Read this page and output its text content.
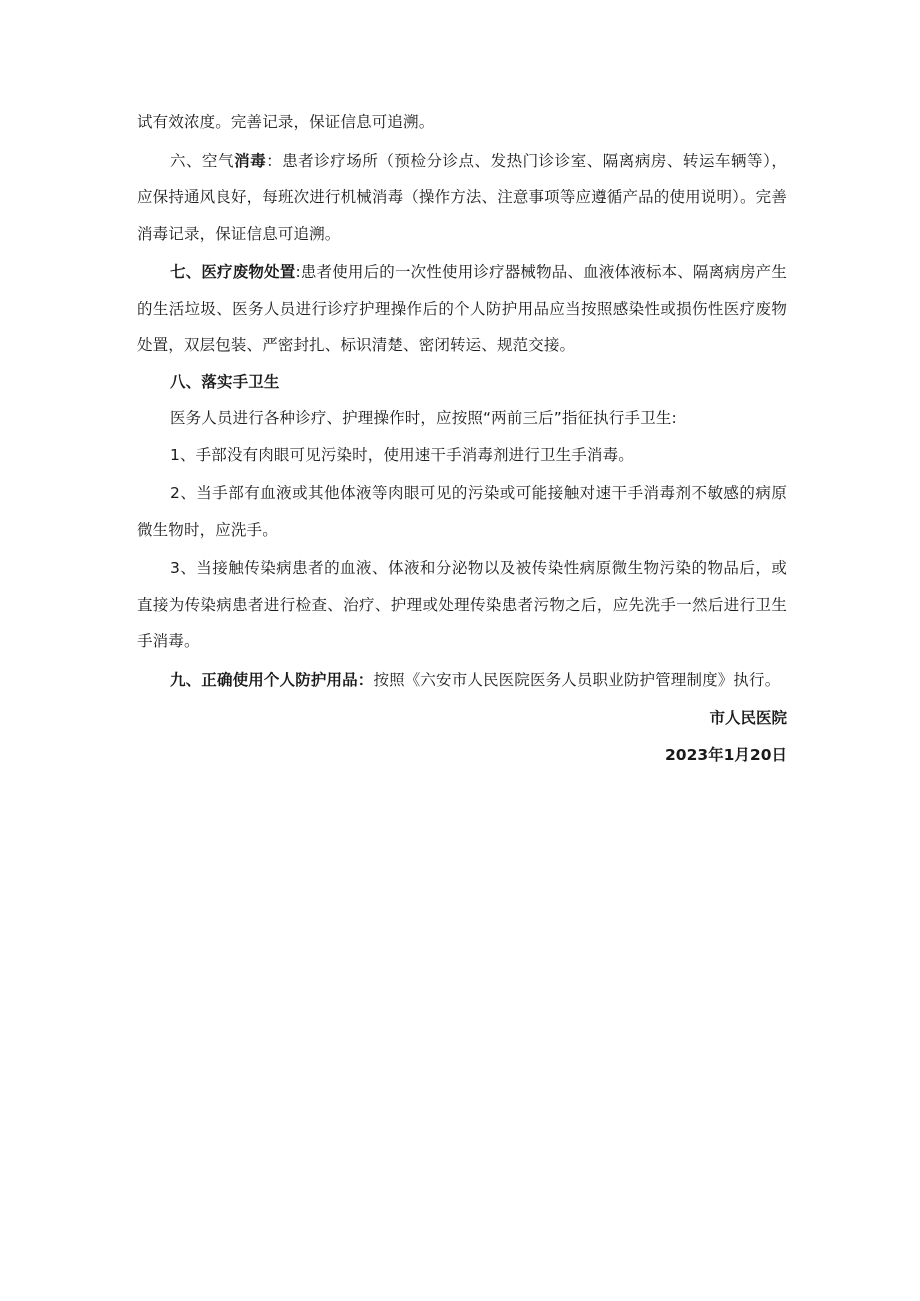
试有效浓度。完善记录，保证信息可追溯。

六、空气消毒：患者诊疗场所（预检分诊点、发热门诊诊室、隔离病房、转运车辆等），应保持通风良好，每班次进行机械消毒（操作方法、注意事项等应遵循产品的使用说明）。完善消毒记录，保证信息可追溯。

七、医疗废物处置:患者使用后的一次性使用诊疗器械物品、血液体液标本、隔离病房产生的生活垃圾、医务人员进行诊疗护理操作后的个人防护用品应当按照感染性或损伤性医疗废物处置，双层包装、严密封扎、标识清楚、密闭转运、规范交接。

八、落实手卫生

医务人员进行各种诊疗、护理操作时，应按照“两前三后”指征执行手卫生:

1、手部没有肉眼可见污染时，使用速干手消毒剂进行卫生手消毒。

2、当手部有血液或其他体液等肉眼可见的污染或可能接触对速干手消毒剂不敏感的病原微生物时，应洗手。

3、当接触传染病患者的血液、体液和分泌物以及被传染性病原微生物污染的物品后，或直接为传染病患者进行检查、治疗、护理或处理传染患者污物之后，应先洗手一然后进行卫生手消毒。

九、正确使用个人防护用品：按照《六安市人民医院医务人员职业防护管理制度》执行。

市人民医院

2023年1月20日
